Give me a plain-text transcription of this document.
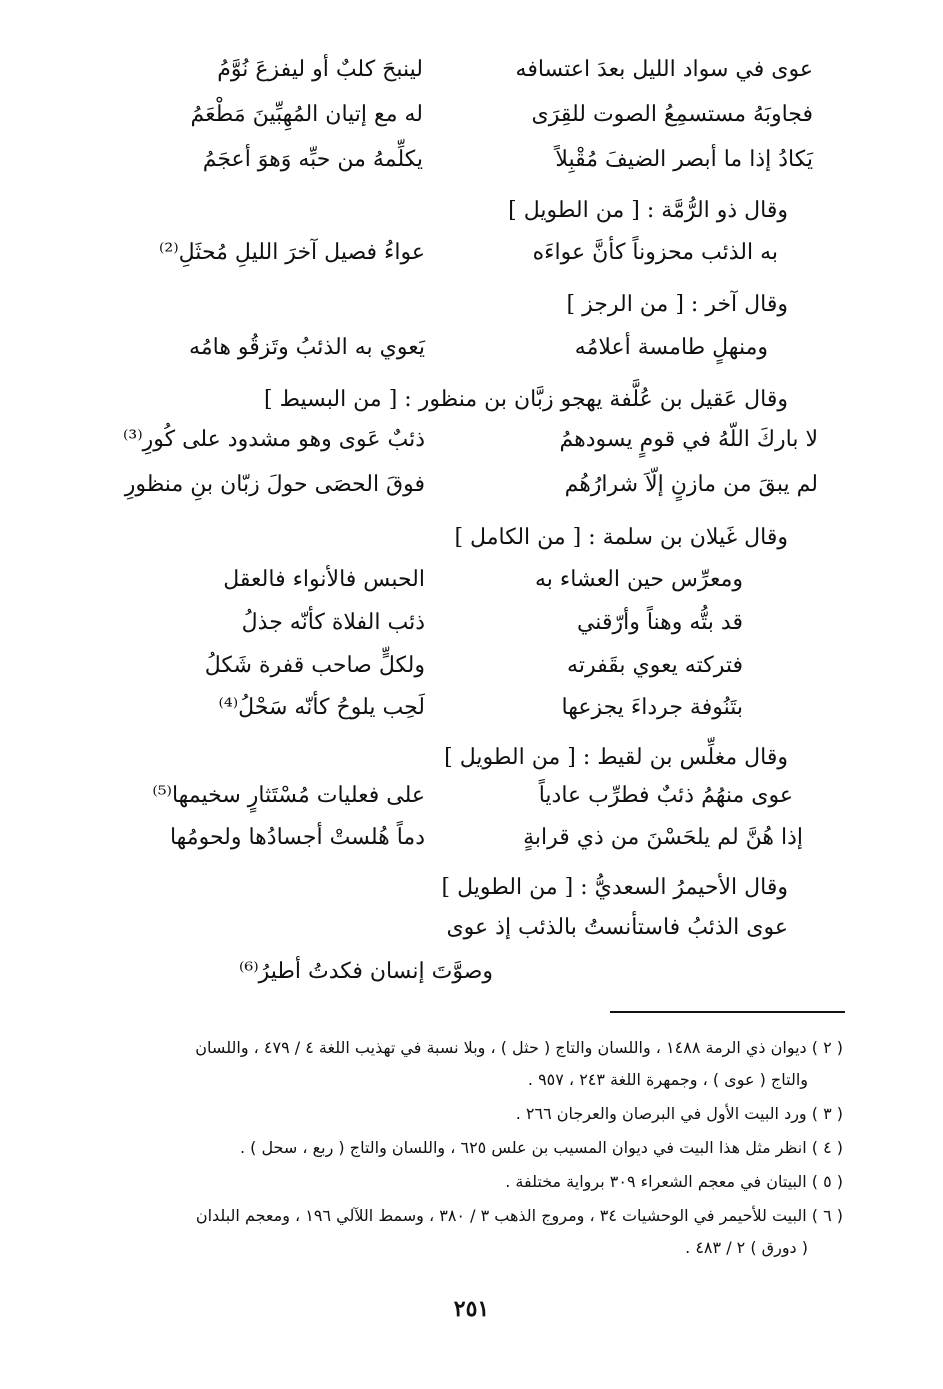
عوى في سواد الليل بعدَ اعتسافه
لينبحَ كلبٌ أو ليفزعَ نُوَّمُ
فجاوبَهُ مستسمِعُ الصوت للقِرَى
له مع إتيان المُهِبِّينَ مَطْعَمُ
يَكادُ إذا ما أبصر الضيفَ مُقْبِلاً
يكلِّمهُ من حبِّه وَهوَ أعجَمُ
وقال ذو الرُّمَّة : [ من الطويل ]
به الذئب محزوناً كأنَّ عواءَه
عواءُ فصيل آخرَ الليلِ مُحثَلِ⁽²⁾
وقال آخر : [ من الرجز ]
ومنهلٍ طامسة أعلامُه
يَعوي به الذئبُ وتَزقُو هامُه
وقال عَقيل بن عُلَّفة يهجو زبَّان بن منظور : [ من البسيط ]
لا باركَ اللّهُ في قومٍ يسودهمُ
ذئبٌ عَوى وهو مشدود على كُورِ⁽³⁾
لم يبقَ من مازنٍ إلّاَ شرارُهُم
فوقَ الحصَى حولَ زبّان بنِ منظورِ
وقال غَيلان بن سلمة : [ من الكامل ]
ومعرِّس حين العشاء به
الحبس فالأنواء فالعقل
قد بتُّه وهناً وأرّقني
ذئب الفلاة كأنّه جذلُ
فتركته يعوي بقَفرته
ولكلٍّ صاحب قفرة شَكلُ
بتَنُوفة جرداءَ يجزعها
لَحِب يلوحُ كأنّه سَحْلُ⁽⁴⁾
وقال مغلِّس بن لقيط : [ من الطويل ]
عوى منهُمُ ذئبٌ فطرِّب عادياً
على فعليات مُسْتَثارٍ سخيمها⁽⁵⁾
إذا هُنَّ لم يلحَسْنَ من ذي قرابةٍ
دماً هُلستْ أجسادُها ولحومُها
وقال الأحيمرُ السعديُّ : [ من الطويل ]
عوى الذئبُ فاستأنستُ بالذئب إذ عوى
وصوَّتَ إنسان فكدتُ أطيرُ⁽⁶⁾
( ٢ ) ديوان ذي الرمة ١٤٨٨ ، واللسان والتاج ( حثل ) ، وبلا نسبة في تهذيب اللغة ٤ / ٤٧٩ ، واللسان
والتاج ( عوى ) ، وجمهرة اللغة ٢٤٣ ، ٩٥٧ .
( ٣ ) ورد البيت الأول في البرصان والعرجان ٢٦٦ .
( ٤ ) انظر مثل هذا البيت في ديوان المسيب بن علس ٦٢٥ ، واللسان والتاج ( ربع ، سحل ) .
( ٥ ) البيتان في معجم الشعراء ٣٠٩ برواية مختلفة .
( ٦ ) البيت للأحيمر في الوحشيات ٣٤ ، ومروج الذهب ٣ / ٣٨٠ ، وسمط اللآلي ١٩٦ ، ومعجم البلدان
( دورق ) ٢ / ٤٨٣ .
٢٥١
